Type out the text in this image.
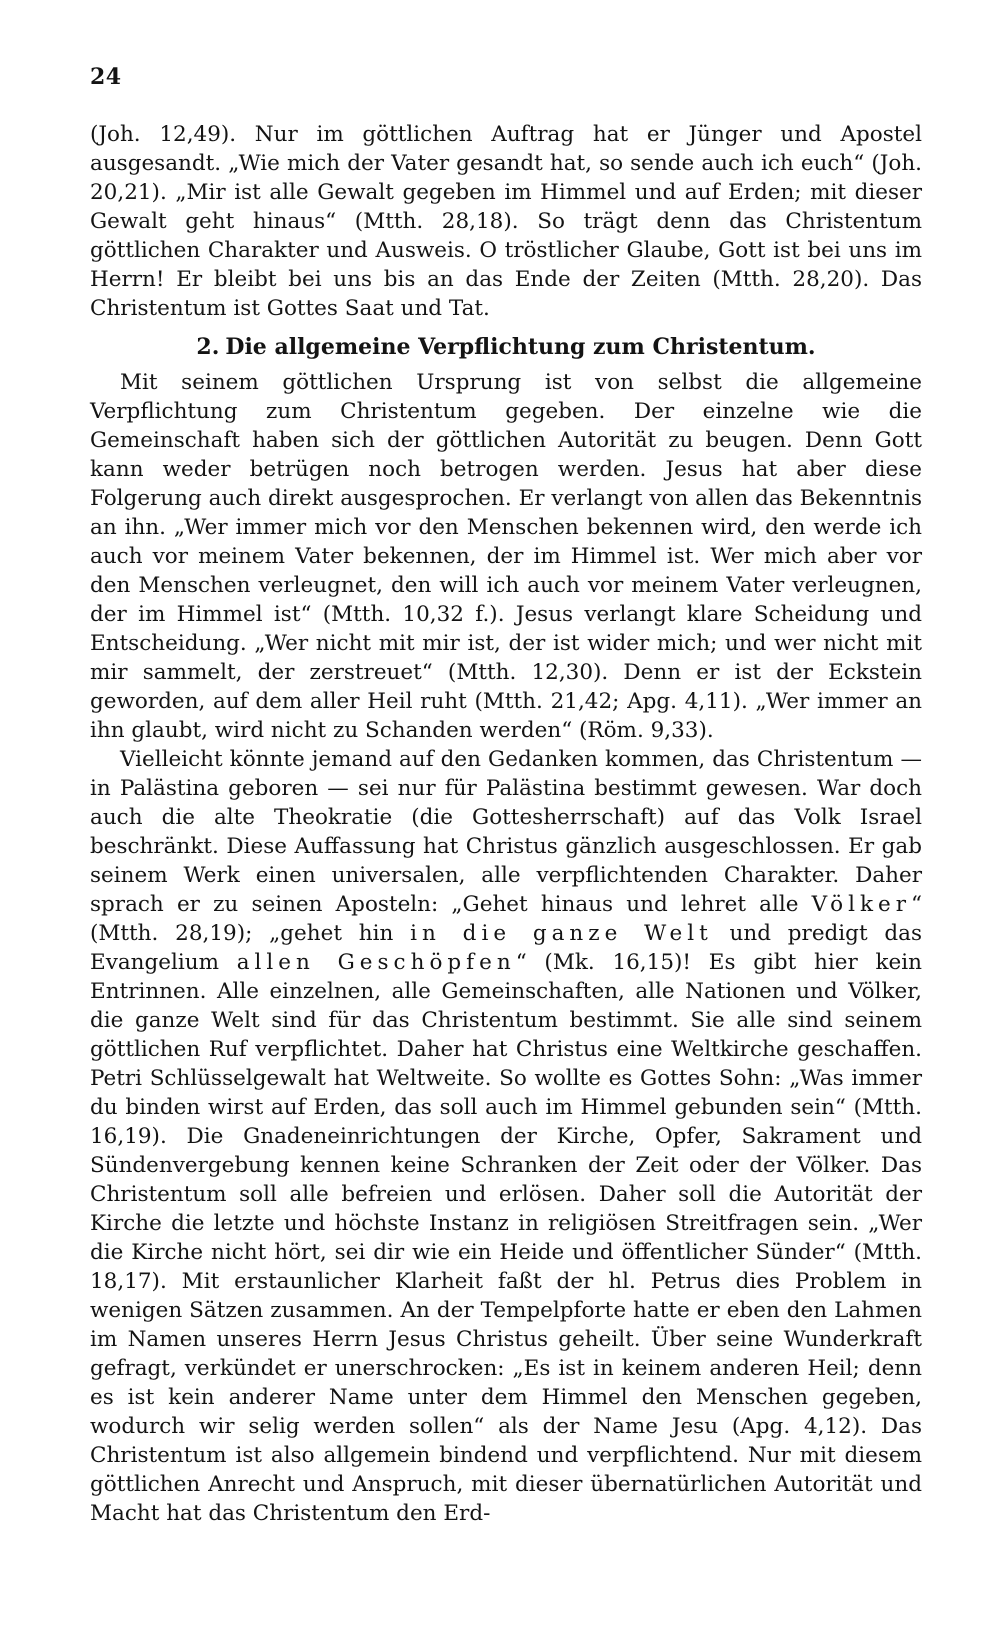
24

(Joh. 12,49). Nur im göttlichen Auftrag hat er Jünger und Apostel ausgesandt. „Wie mich der Vater gesandt hat, so sende auch ich euch“ (Joh. 20,21). „Mir ist alle Gewalt gegeben im Himmel und auf Erden; mit dieser Gewalt geht hinaus“ (Mtth. 28,18). So trägt denn das Christentum göttlichen Charakter und Ausweis. O tröstlicher Glaube, Gott ist bei uns im Herrn! Er bleibt bei uns bis an das Ende der Zeiten (Mtth. 28,20). Das Christentum ist Gottes Saat und Tat.

2. Die allgemeine Verpflichtung zum Christentum.

Mit seinem göttlichen Ursprung ist von selbst die allgemeine Verpflichtung zum Christentum gegeben. Der einzelne wie die Gemeinschaft haben sich der göttlichen Autorität zu beugen. Denn Gott kann weder betrügen noch betrogen werden. Jesus hat aber diese Folgerung auch direkt ausgesprochen. Er verlangt von allen das Bekenntnis an ihn. „Wer immer mich vor den Menschen bekennen wird, den werde ich auch vor meinem Vater bekennen, der im Himmel ist. Wer mich aber vor den Menschen verleugnet, den will ich auch vor meinem Vater verleugnen, der im Himmel ist“ (Mtth. 10,32 f.). Jesus verlangt klare Scheidung und Entscheidung. „Wer nicht mit mir ist, der ist wider mich; und wer nicht mit mir sammelt, der zerstreuet“ (Mtth. 12,30). Denn er ist der Eckstein geworden, auf dem aller Heil ruht (Mtth. 21,42; Apg. 4,11). „Wer immer an ihn glaubt, wird nicht zu Schanden werden“ (Röm. 9,33).

Vielleicht könnte jemand auf den Gedanken kommen, das Christentum — in Palästina geboren — sei nur für Palästina bestimmt gewesen. War doch auch die alte Theokratie (die Gottesherrschaft) auf das Volk Israel beschränkt. Diese Auffassung hat Christus gänzlich ausgeschlossen. Er gab seinem Werk einen universalen, alle verpflichtenden Charakter. Daher sprach er zu seinen Aposteln: „Gehet hinaus und lehret alle Völker“ (Mtth. 28,19); „gehet hin in die ganze Welt und predigt das Evangelium allen Geschöpfen“ (Mk. 16,15)! Es gibt hier kein Entrinnen. Alle einzelnen, alle Gemeinschaften, alle Nationen und Völker, die ganze Welt sind für das Christentum bestimmt. Sie alle sind seinem göttlichen Ruf verpflichtet. Daher hat Christus eine Weltkirche geschaffen. Petri Schlüsselgewalt hat Weltweite. So wollte es Gottes Sohn: „Was immer du binden wirst auf Erden, das soll auch im Himmel gebunden sein“ (Mtth. 16,19). Die Gnadeneinrichtungen der Kirche, Opfer, Sakrament und Sündenvergebung kennen keine Schranken der Zeit oder der Völker. Das Christentum soll alle befreien und erlösen. Daher soll die Autorität der Kirche die letzte und höchste Instanz in religiösen Streitfragen sein. „Wer die Kirche nicht hört, sei dir wie ein Heide und öffentlicher Sünder“ (Mtth. 18,17). Mit erstaunlicher Klarheit faßt der hl. Petrus dies Problem in wenigen Sätzen zusammen. An der Tempelpforte hatte er eben den Lahmen im Namen unseres Herrn Jesus Christus geheilt. Über seine Wunderkraft gefragt, verkündet er unerschrocken: „Es ist in keinem anderen Heil; denn es ist kein anderer Name unter dem Himmel den Menschen gegeben, wodurch wir selig werden sollen“ als der Name Jesu (Apg. 4,12). Das Christentum ist also allgemein bindend und verpflichtend. Nur mit diesem göttlichen Anrecht und Anspruch, mit dieser übernatürlichen Autorität und Macht hat das Christentum den Erd-
